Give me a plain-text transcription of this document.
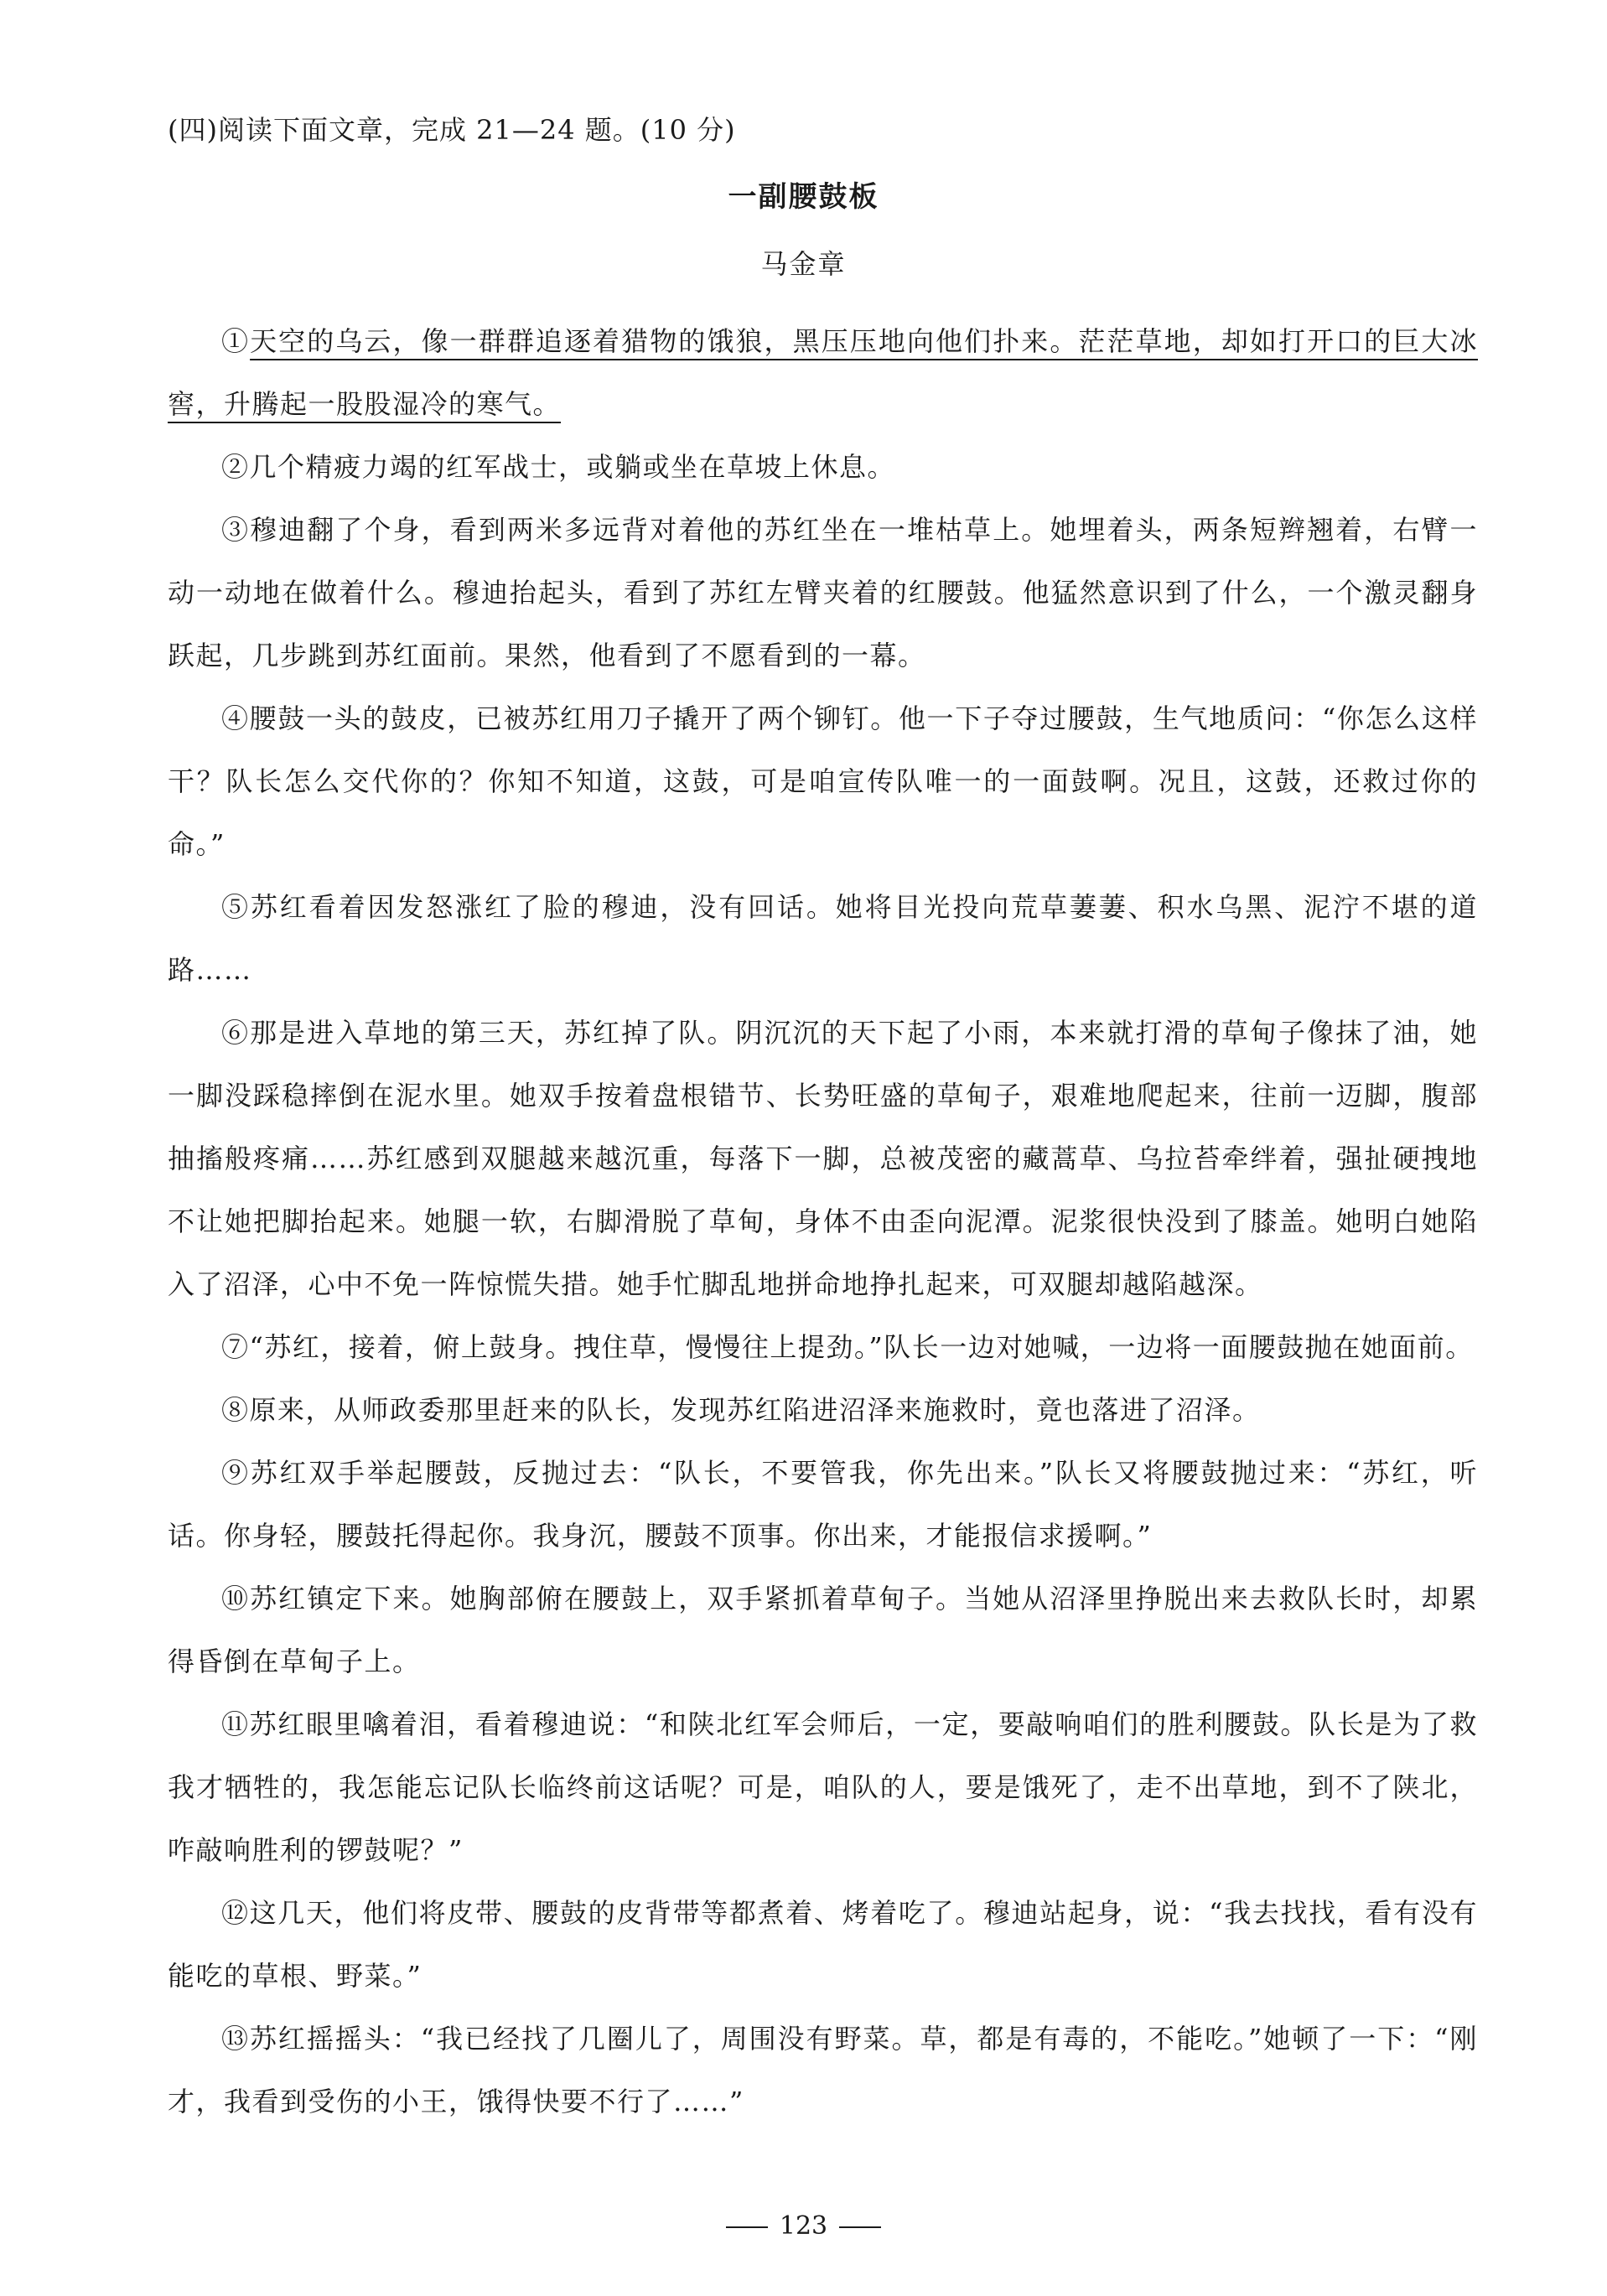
(四)阅读下面文章，完成 21—24 题。(10 分)
一副腰鼓板
马金章

①天空的乌云，像一群群追逐着猎物的饿狼，黑压压地向他们扑来。茫茫草地，却如打开口的巨大冰窖，升腾起一股股湿冷的寒气。

②几个精疲力竭的红军战士，或躺或坐在草坡上休息。

③穆迪翻了个身，看到两米多远背对着他的苏红坐在一堆枯草上。她埋着头，两条短辫翘着，右臂一动一动地在做着什么。穆迪抬起头，看到了苏红左臂夹着的红腰鼓。他猛然意识到了什么，一个激灵翻身跃起，几步跳到苏红面前。果然，他看到了不愿看到的一幕。

④腰鼓一头的鼓皮，已被苏红用刀子撬开了两个铆钉。他一下子夺过腰鼓，生气地质问：“你怎么这样干？队长怎么交代你的？你知不知道，这鼓，可是咱宣传队唯一的一面鼓啊。况且，这鼓，还救过你的命。”

⑤苏红看着因发怒涨红了脸的穆迪，没有回话。她将目光投向荒草萋萋、积水乌黑、泥泞不堪的道路……

⑥那是进入草地的第三天，苏红掉了队。阴沉沉的天下起了小雨，本来就打滑的草甸子像抹了油，她一脚没踩稳摔倒在泥水里。她双手按着盘根错节、长势旺盛的草甸子，艰难地爬起来，往前一迈脚，腹部抽搐般疼痛……苏红感到双腿越来越沉重，每落下一脚，总被茂密的藏蒿草、乌拉苔牵绊着，强扯硬拽地不让她把脚抬起来。她腿一软，右脚滑脱了草甸，身体不由歪向泥潭。泥浆很快没到了膝盖。她明白她陷入了沼泽，心中不免一阵惊慌失措。她手忙脚乱地拼命地挣扎起来，可双腿却越陷越深。

⑦“苏红，接着，俯上鼓身。拽住草，慢慢往上提劲。”队长一边对她喊，一边将一面腰鼓抛在她面前。

⑧原来，从师政委那里赶来的队长，发现苏红陷进沼泽来施救时，竟也落进了沼泽。

⑨苏红双手举起腰鼓，反抛过去：“队长，不要管我，你先出来。”队长又将腰鼓抛过来：“苏红，听话。你身轻，腰鼓托得起你。我身沉，腰鼓不顶事。你出来，才能报信求援啊。”

⑩苏红镇定下来。她胸部俯在腰鼓上，双手紧抓着草甸子。当她从沼泽里挣脱出来去救队长时，却累得昏倒在草甸子上。

⑪苏红眼里噙着泪，看着穆迪说：“和陕北红军会师后，一定，要敲响咱们的胜利腰鼓。队长是为了救我才牺牲的，我怎能忘记队长临终前这话呢？可是，咱队的人，要是饿死了，走不出草地，到不了陕北，咋敲响胜利的锣鼓呢？”

⑫这几天，他们将皮带、腰鼓的皮背带等都煮着、烤着吃了。穆迪站起身，说：“我去找找，看有没有能吃的草根、野菜。”

⑬苏红摇摇头：“我已经找了几圈儿了，周围没有野菜。草，都是有毒的，不能吃。”她顿了一下：“刚才，我看到受伤的小王，饿得快要不行了……”

123
